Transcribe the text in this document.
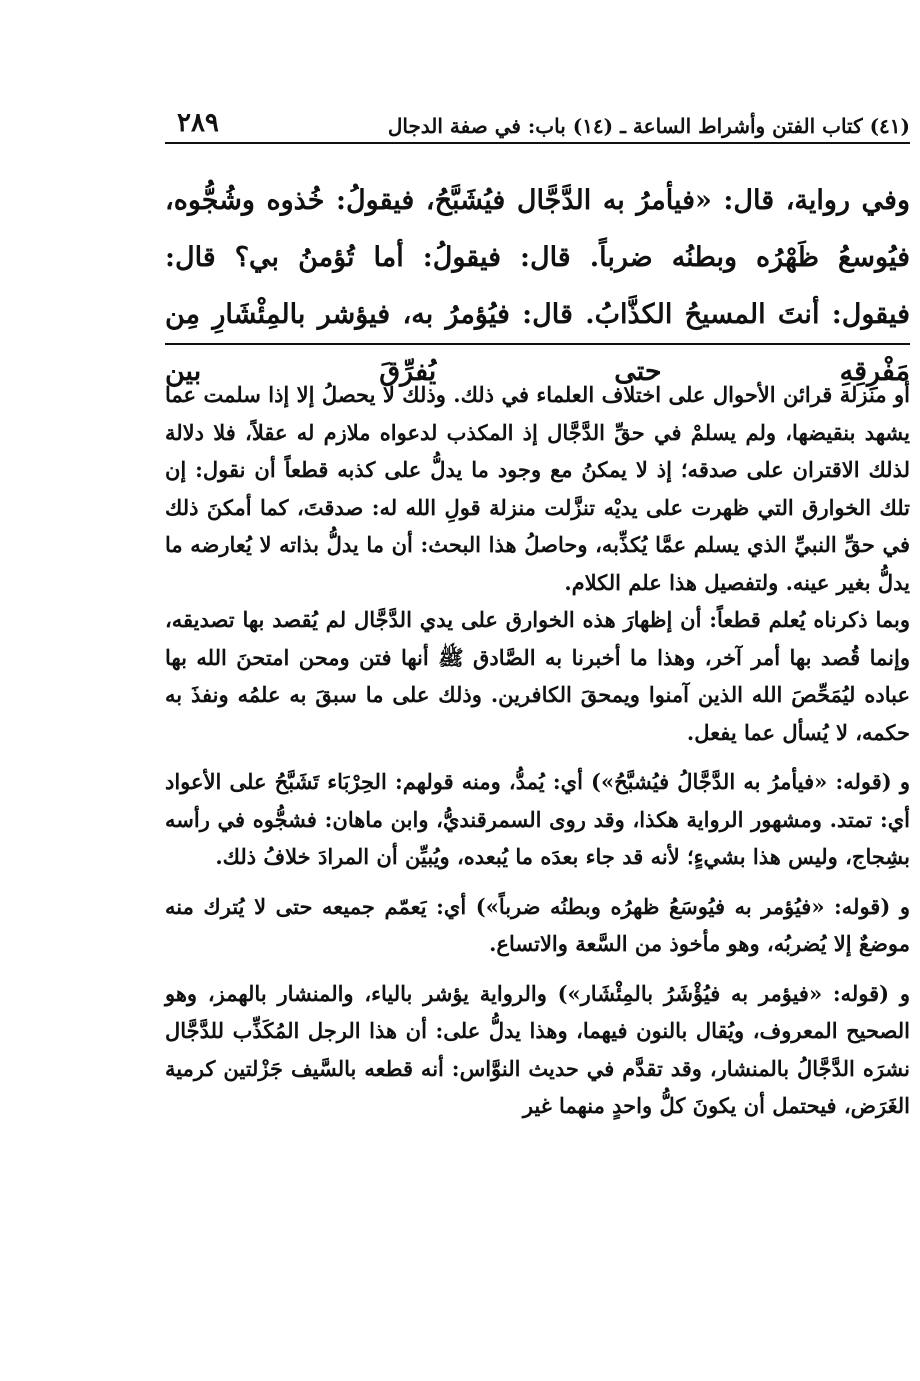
(٤١) كتاب الفتن وأشراط الساعة ـ (١٤) باب: في صفة الدجال
٢٨٩
وفي رواية، قال: «فيأمرُ به الدَّجَّال فيُشَبَّحُ، فيقولُ: خُذوه وشُجُّوه، فيُوسعُ ظَهْرُه وبطنُه ضرباً. قال: فيقولُ: أما تُؤمنُ بي؟ قال: فيقول: أنتَ المسيحُ الكذَّابُ. قال: فيُؤمرُ به، فيؤشر بالمِئْشَارِ مِن مَفْرِقِهِ حتى يُفرِّقَ بين

أو منزلة قرائن الأحوال على اختلاف العلماء في ذلك. وذلك لا يحصلُ إلا إذا سلمت عما يشهد بنقيضها، ولم يسلمْ في حقِّ الدَّجَّال إذ المكذب لدعواه ملازم له عقلاً، فلا دلالة لذلك الاقتران على صدقه؛ إذ لا يمكنُ مع وجود ما يدلُّ على كذبه قطعاً أن نقول: إن تلك الخوارق التي ظهرت على يديْه تنزَّلت منزلة قولِ الله له: صدقتَ، كما أمكنَ ذلك في حقِّ النبيِّ الذي يسلم عمَّا يُكذِّبه، وحاصلُ هذا البحث: أن ما يدلُّ بذاته لا يُعارضه ما يدلُّ بغير عينه. ولتفصيل هذا علم الكلام.

وبما ذكرناه يُعلم قطعاً: أن إظهارَ هذه الخوارق على يدي الدَّجَّال لم يُقصد بها تصديقه، وإنما قُصد بها أمر آخر، وهذا ما أخبرنا به الصَّادق ﷺ أنها فتن ومحن امتحنَ الله بها عباده ليُمَحِّصَ الله الذين آمنوا ويمحقَ الكافرين. وذلك على ما سبقَ به علمُه ونفذَ به حكمه، لا يُسأل عما يفعل.

و (قوله: «فيأمرُ به الدَّجَّالُ فيُشبَّحُ») أي: يُمدُّ، ومنه قولهم: الحِرْبَاء تَشَبَّحُ على الأعواد أي: تمتد. ومشهور الرواية هكذا، وقد روى السمرقنديُّ، وابن ماهان: فشجُّوه في رأسه بشِجاج، وليس هذا بشيءٍ؛ لأنه قد جاء بعدَه ما يُبعده، ويُبيِّن أن المرادَ خلافُ ذلك.

و (قوله: «فيُؤمر به فيُوسَعُ ظهرُه وبطنُه ضرباً») أي: يَعمّم جميعه حتى لا يُترك منه موضعٌ إلا يُضربُه، وهو مأخوذ من السَّعة والاتساع.

و (قوله: «فيؤمر به فيُؤْشَرُ بالمِئْشَار») والرواية يؤشر بالياء، والمنشار بالهمز، وهو الصحيح المعروف، ويُقال بالنون فيهما، وهذا يدلُّ على: أن هذا الرجل المُكَذِّب للدَّجَّال نشرَه الدَّجَّالُ بالمنشار، وقد تقدَّم في حديث النوَّاس: أنه قطعه بالسَّيف جَزْلتين كرمية الغَرَض، فيحتمل أن يكونَ كلُّ واحدٍ منهما غير
